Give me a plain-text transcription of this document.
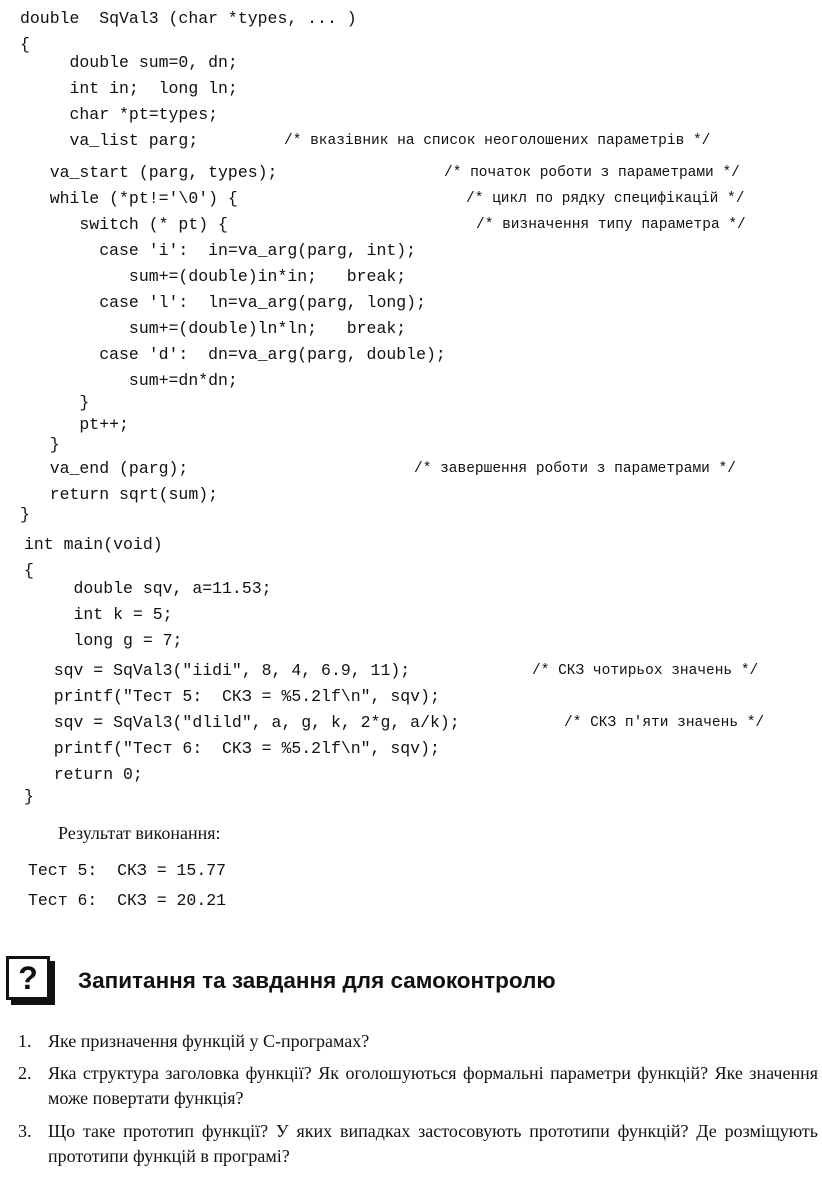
double  SqVal3 (char *types, ... )
{
double sum=0, dn;
int in;  long ln;
char *pt=types;
va_list parg;	/* вказівник на список неоголошених параметрів */
va_start (parg, types);	/* початок роботи з параметрами */
while (*pt!='\0') {	/* цикл по рядку специфікацій */
switch (* pt) {	/* визначення типу параметра */
case 'i':  in=va_arg(parg, int);
sum+=(double)in*in;   break;
case 'l':  ln=va_arg(parg, long);
sum+=(double)ln*ln;   break;
case 'd':  dn=va_arg(parg, double);
sum+=dn*dn;
}
pt++;
}
va_end (parg);	/* завершення роботи з параметрами */
return sqrt(sum);
}
int main(void)
{
double sqv, a=11.53;
int k = 5;
long g = 7;
sqv = SqVal3("iidi", 8, 4, 6.9, 11);	/* СКЗ чотирьох значень */
printf("Тест 5:  СКЗ = %5.2lf\n", sqv);
sqv = SqVal3("dlild", a, g, k, 2*g, a/k);	/* СКЗ п'яти значень */
printf("Тест 6:  СКЗ = %5.2lf\n", sqv);
return 0;
}
Результат виконання:
Тест 5:  СКЗ = 15.77
Тест 6:  СКЗ = 20.21
? Запитання та завдання для самоконтролю
1. Яке призначення функцій у С-програмах?
2. Яка структура заголовка функції? Як оголошуються формальні параметри функцій? Яке значення може повертати функція?
3. Що таке прототип функції? У яких випадках застосовують прототипи функцій? Де розміщують прототипи функцій в програмі?
